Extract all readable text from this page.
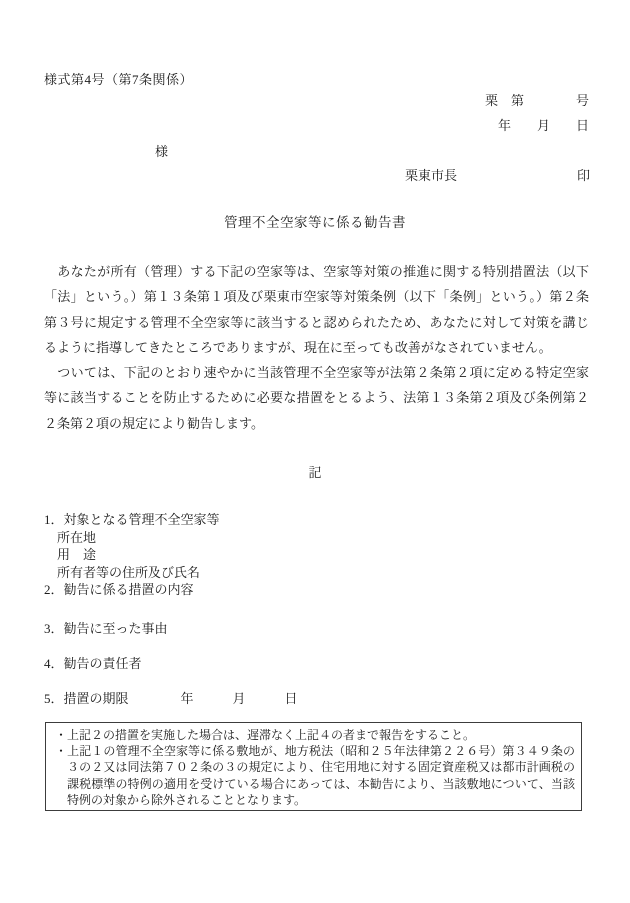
様式第4号（第7条関係）
栗　第　　　　号
年　　月　　日
様
栗東市長	印
管理不全空家等に係る勧告書

　あなたが所有（管理）する下記の空家等は、空家等対策の推進に関する特別措置法（以下「法」という。）第１３条第１項及び栗東市空家等対策条例（以下「条例」という。）第２条第３号に規定する管理不全空家等に該当すると認められたため、あなたに対して対策を講じるように指導してきたところでありますが、現在に至っても改善がなされていません。

　ついては、下記のとおり速やかに当該管理不全空家等が法第２条第２項に定める特定空家等に該当することを防止するために必要な措置をとるよう、法第１３条第２項及び条例第２２条第２項の規定により勧告します。

記
1．対象となる管理不全空家等
所在地
用　途
所有者等の住所及び氏名
2．勧告に係る措置の内容
3．勧告に至った事由
4．勧告の責任者
5．措置の期限　　　　年　　　月　　　日

・上記２の措置を実施した場合は、遅滞なく上記４の者まで報告をすること。

・上記１の管理不全空家等に係る敷地が、地方税法（昭和２５年法律第２２６号）第３４９条の３の２又は同法第７０２条の３の規定により、住宅用地に対する固定資産税又は都市計画税の課税標準の特例の適用を受けている場合にあっては、本勧告により、当該敷地について、当該特例の対象から除外されることとなります。
